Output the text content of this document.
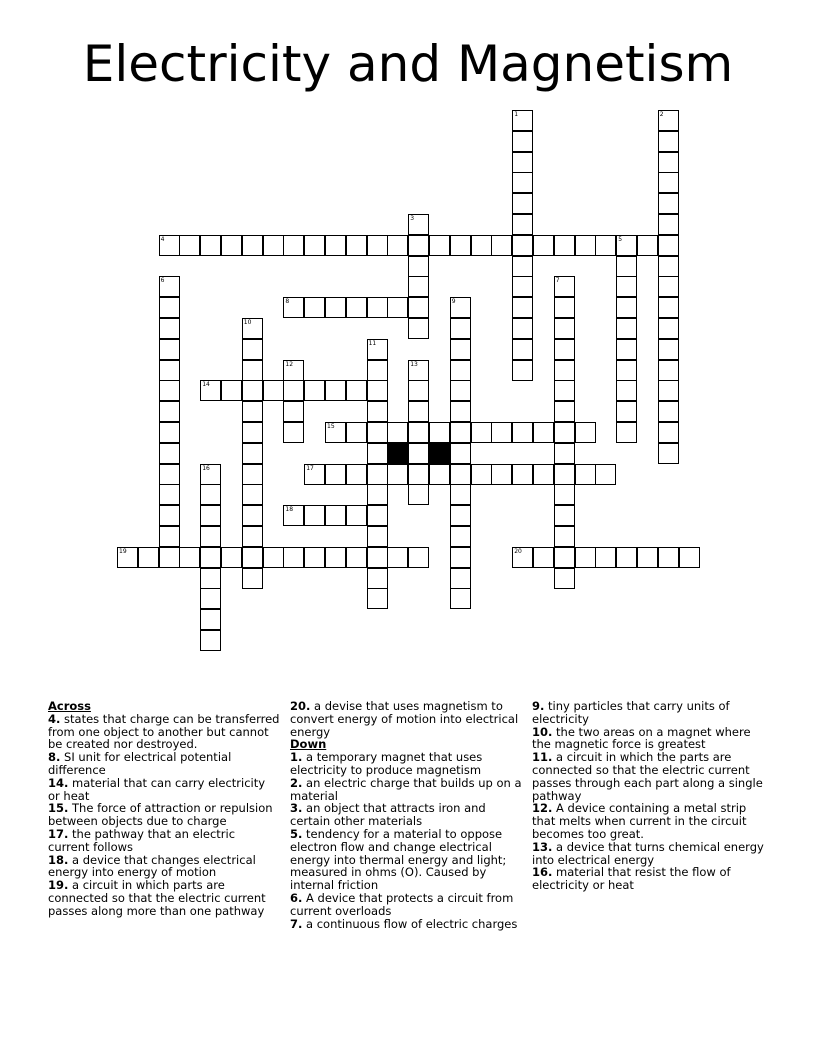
Electricity and Magnetism
1	2
3
4	5
6	7
8	9
10
11
12	13
14
15
16	17
18
19	20
Across
4. states that charge can be transferred from one object to another but cannot be created nor destroyed.
8. SI unit for electrical potential difference
14. material that can carry electricity or heat
15. The force of attraction or repulsion between objects due to charge
17. the pathway that an electric current follows
18. a device that changes electrical energy into energy of motion
19. a circuit in which parts are connected so that the electric current passes along more than one pathway
20. a devise that uses magnetism to convert energy of motion into electrical energy
Down
1. a temporary magnet that uses electricity to produce magnetism
2. an electric charge that builds up on a material
3. an object that attracts iron and certain other materials
5. tendency for a material to oppose electron flow and change electrical energy into thermal energy and light; measured in ohms (O). Caused by internal friction
6. A device that protects a circuit from current overloads
7. a continuous flow of electric charges
9. tiny particles that carry units of electricity
10. the two areas on a magnet where the magnetic force is greatest
11. a circuit in which the parts are connected so that the electric current passes through each part along a single pathway
12. A device containing a metal strip that melts when current in the circuit becomes too great.
13. a device that turns chemical energy into electrical energy
16. material that resist the flow of electricity or heat
